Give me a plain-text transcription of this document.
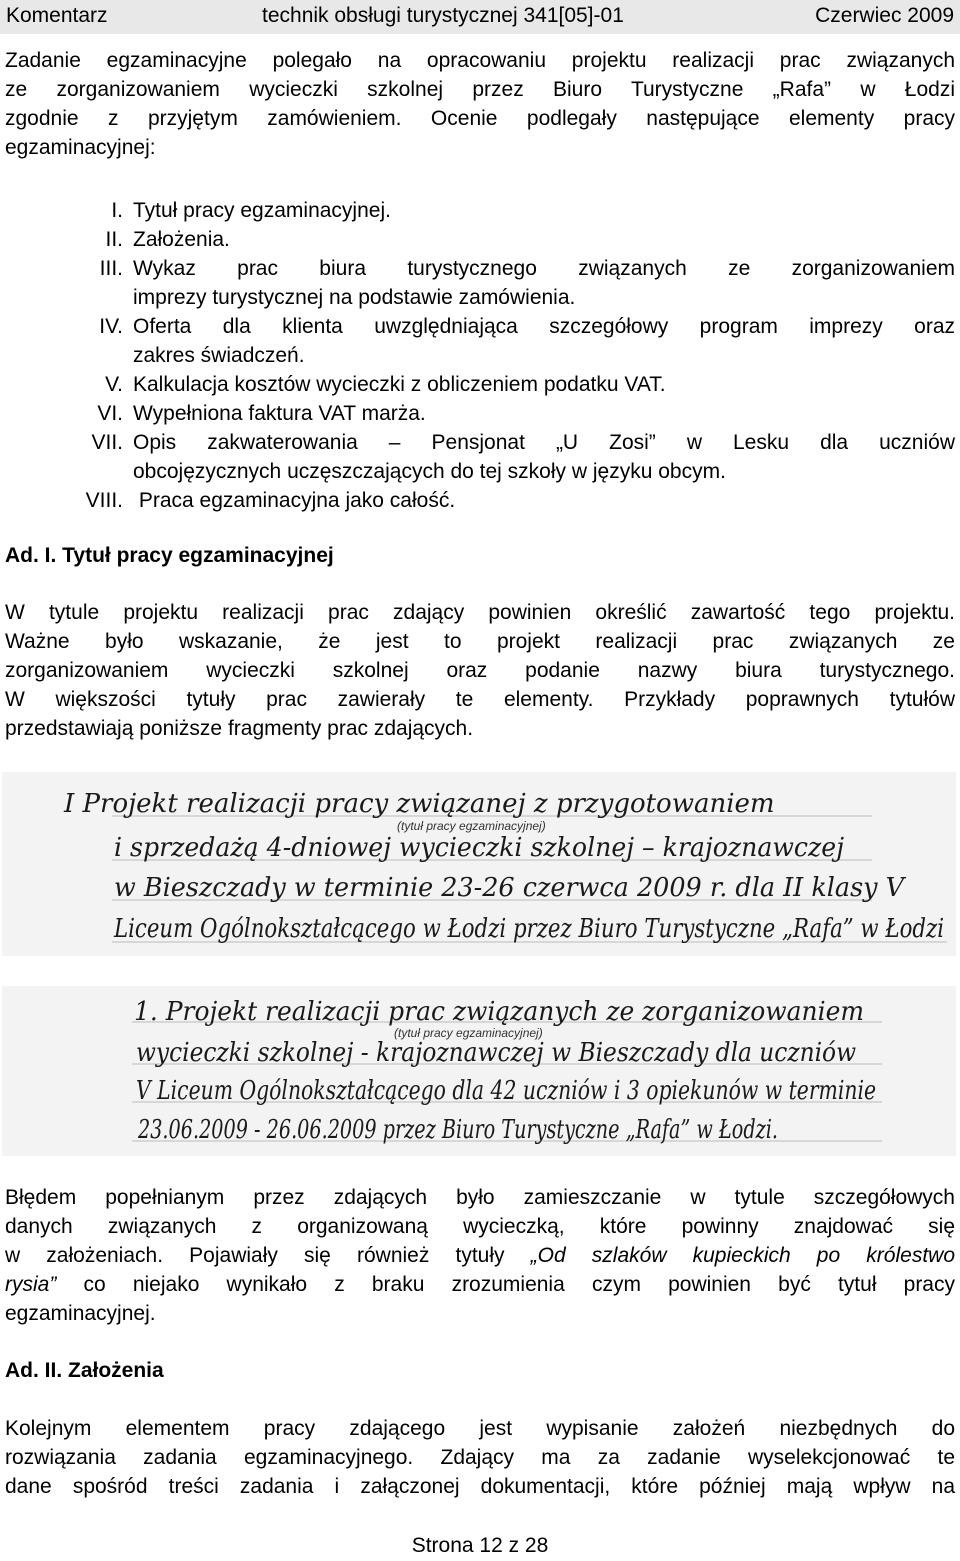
Komentarz	technik obsługi turystycznej 341[05]-01	Czerwiec 2009
Zadanie egzaminacyjne polegało na opracowaniu projektu realizacji prac związanych
ze zorganizowaniem wycieczki szkolnej przez Biuro Turystyczne „Rafa” w Łodzi
zgodnie z przyjętym zamówieniem. Ocenie podlegały następujące elementy pracy
egzaminacyjnej:
I. Tytuł pracy egzaminacyjnej.
II. Założenia.
III. Wykaz prac biura turystycznego związanych ze zorganizowaniem
imprezy turystycznej na podstawie zamówienia.
IV. Oferta dla klienta uwzględniająca szczegółowy program imprezy oraz
zakres świadczeń.
V. Kalkulacja kosztów wycieczki z obliczeniem podatku VAT.
VI. Wypełniona faktura VAT marża.
VII. Opis zakwaterowania – Pensjonat „U Zosi” w Lesku dla uczniów
obcojęzycznych uczęszczających do tej szkoły w języku obcym.
VIII. Praca egzaminacyjna jako całość.
Ad. I. Tytuł pracy egzaminacyjnej
W tytule projektu realizacji prac zdający powinien określić zawartość tego projektu.
Ważne było wskazanie, że jest to projekt realizacji prac związanych ze
zorganizowaniem wycieczki szkolnej oraz podanie nazwy biura turystycznego.
W większości tytuły prac zawierały te elementy. Przykłady poprawnych tytułów
przedstawiają poniższe fragmenty prac zdających.
I Projekt realizacji pracy związanej z przygotowaniem
(tytuł pracy egzaminacyjnej)
i sprzedażą 4-dniowej wycieczki szkolnej – krajoznawczej
w Bieszczady w terminie 23-26 czerwca 2009 r. dla II klasy V
Liceum Ogólnokształcącego w Łodzi przez Biuro Turystyczne „Rafa” w Łodzi
1. Projekt realizacji prac związanych ze zorganizowaniem
(tytuł pracy egzaminacyjnej)
wycieczki szkolnej - krajoznawczej w Bieszczady dla uczniów
V Liceum Ogólnokształcącego dla 42 uczniów i 3 opiekunów w terminie
23.06.2009 - 26.06.2009 przez Biuro Turystyczne „Rafa” w Łodzi.
Błędem popełnianym przez zdających było zamieszczanie w tytule szczegółowych
danych związanych z organizowaną wycieczką, które powinny znajdować się
w założeniach. Pojawiały się również tytuły „Od szlaków kupieckich po królestwo
rysia” co niejako wynikało z braku zrozumienia czym powinien być tytuł pracy
egzaminacyjnej.
Ad. II. Założenia
Kolejnym elementem pracy zdającego jest wypisanie założeń niezbędnych do
rozwiązania zadania egzaminacyjnego. Zdający ma za zadanie wyselekcjonować te
dane spośród treści zadania i załączonej dokumentacji, które później mają wpływ na
Strona 12 z 28
